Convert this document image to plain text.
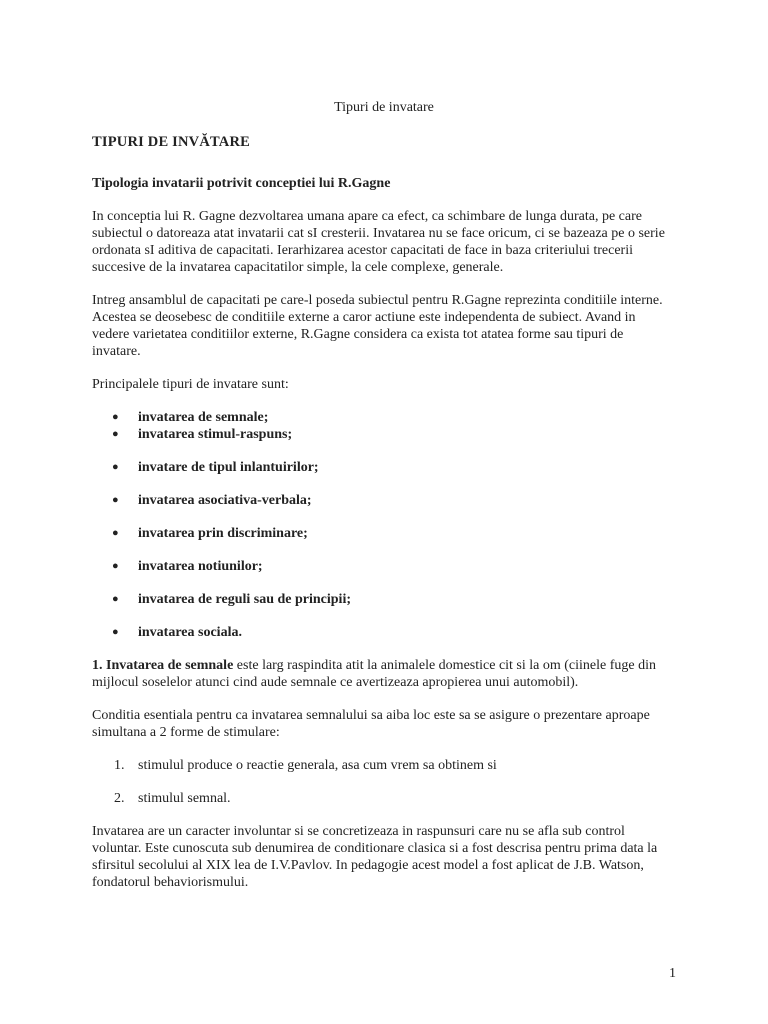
Tipuri de invatare
TIPURI DE INVĂTARE
Tipologia invatarii potrivit conceptiei lui R.Gagne

In conceptia lui R. Gagne dezvoltarea umana apare ca efect, ca schimbare de lunga durata, pe care subiectul o datoreaza atat invatarii cat sI cresterii. Invatarea nu se face oricum, ci se bazeaza pe o serie ordonata sI aditiva de capacitati. Ierarhizarea acestor capacitati de face in baza criteriului trecerii succesive de la invatarea capacitatilor simple, la cele complexe, generale.

Intreg ansamblul de capacitati pe care-l poseda subiectul pentru R.Gagne reprezinta conditiile interne. Acestea se deosebesc de conditiile externe a caror actiune este independenta de subiect. Avand in vedere varietatea conditiilor externe, R.Gagne considera ca exista tot atatea forme sau tipuri de invatare.

Principalele tipuri de invatare sunt:

● invatarea de semnale;
● invatarea stimul-raspuns;
● invatare de tipul inlantuirilor;
● invatarea asociativa-verbala;
● invatarea prin discriminare;
● invatarea notiunilor;
● invatarea de reguli sau de principii;
● invatarea sociala.

1. Invatarea de semnale este larg raspindita atit la animalele domestice cit si la om (ciinele fuge din mijlocul soselelor atunci cind aude semnale ce avertizeaza apropierea unui automobil).

Conditia esentiala pentru ca invatarea semnalului sa aiba loc este sa se asigure o prezentare aproape simultana a 2 forme de stimulare:

1. stimulul produce o reactie generala, asa cum vrem sa obtinem si
2. stimulul semnal.

Invatarea are un caracter involuntar si se concretizeaza in raspunsuri care nu se afla sub control voluntar. Este cunoscuta sub denumirea de conditionare clasica si a fost descrisa pentru prima data la sfirsitul secolului al XIX lea de I.V.Pavlov. In pedagogie acest model a fost aplicat de J.B. Watson, fondatorul behaviorismului.

1
